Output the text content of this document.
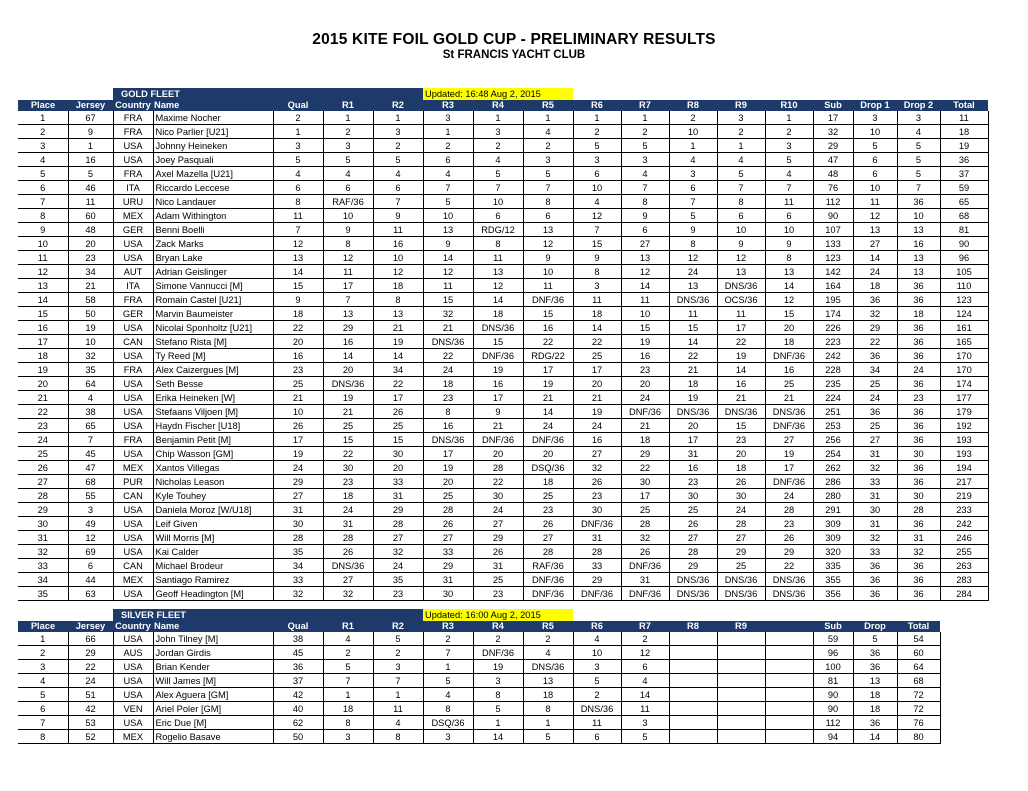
2015 KITE FOIL GOLD CUP - PRELIMINARY RESULTS
St FRANCIS YACHT CLUB
		GOLD FLEET					Updated: 16:48 Aug 2, 2015											
Place	Jersey	Country	Name	Qual	R1	R2	R3	R4	R5	R6	R7	R8	R9	R10	Sub	Drop 1	Drop 2	Total
1	67	FRA	Maxime Nocher	2	1	1	3	1	1	1	1	2	3	1	17	3	3	11
2	9	FRA	Nico Parlier [U21]	1	2	3	1	3	4	2	2	10	2	2	32	10	4	18
3	1	USA	Johnny Heineken	3	3	2	2	2	2	5	5	1	1	3	29	5	5	19
4	16	USA	Joey Pasquali	5	5	5	6	4	3	3	3	4	4	5	47	6	5	36
5	5	FRA	Axel Mazella [U21]	4	4	4	4	5	5	6	4	3	5	4	48	6	5	37
6	46	ITA	Riccardo Leccese	6	6	6	7	7	7	10	7	6	7	7	76	10	7	59
7	11	URU	Nico Landauer	8	RAF/36	7	5	10	8	4	8	7	8	11	112	11	36	65
8	60	MEX	Adam Withington	11	10	9	10	6	6	12	9	5	6	6	90	12	10	68
9	48	GER	Benni Boelli	7	9	11	13	RDG/12	13	7	6	9	10	10	107	13	13	81
10	20	USA	Zack Marks	12	8	16	9	8	12	15	27	8	9	9	133	27	16	90
11	23	USA	Bryan Lake	13	12	10	14	11	9	9	13	12	12	8	123	14	13	96
12	34	AUT	Adrian Geislinger	14	11	12	12	13	10	8	12	24	13	13	142	24	13	105
13	21	ITA	Simone Vannucci [M]	15	17	18	11	12	11	3	14	13	DNS/36	14	164	18	36	110
14	58	FRA	Romain Castel [U21]	9	7	8	15	14	DNF/36	11	11	DNS/36	OCS/36	12	195	36	36	123
15	50	GER	Marvin Baumeister	18	13	13	32	18	15	18	10	11	11	15	174	32	18	124
16	19	USA	Nicolai Sponholtz [U21]	22	29	21	21	DNS/36	16	14	15	15	17	20	226	29	36	161
17	10	CAN	Stefano Rista [M]	20	16	19	DNS/36	15	22	22	19	14	22	18	223	22	36	165
18	32	USA	Ty Reed [M]	16	14	14	22	DNF/36	RDG/22	25	16	22	19	DNF/36	242	36	36	170
19	35	FRA	Alex Caizergues [M]	23	20	34	24	19	17	17	23	21	14	16	228	34	24	170
20	64	USA	Seth Besse	25	DNS/36	22	18	16	19	20	20	18	16	25	235	25	36	174
21	4	USA	Erika Heineken [W]	21	19	17	23	17	21	21	24	19	21	21	224	24	23	177
22	38	USA	Stefaans Viljoen [M]	10	21	26	8	9	14	19	DNF/36	DNS/36	DNS/36	DNS/36	251	36	36	179
23	65	USA	Haydn Fischer [U18]	26	25	25	16	21	24	24	21	20	15	DNF/36	253	25	36	192
24	7	FRA	Benjamin Petit [M]	17	15	15	DNS/36	DNF/36	DNF/36	16	18	17	23	27	256	27	36	193
25	45	USA	Chip Wasson [GM]	19	22	30	17	20	20	27	29	31	20	19	254	31	30	193
26	47	MEX	Xantos Villegas	24	30	20	19	28	DSQ/36	32	22	16	18	17	262	32	36	194
27	68	PUR	Nicholas Leason	29	23	33	20	22	18	26	30	23	26	DNF/36	286	33	36	217
28	55	CAN	Kyle Touhey	27	18	31	25	30	25	23	17	30	30	24	280	31	30	219
29	3	USA	Daniela Moroz [W/U18]	31	24	29	28	24	23	30	25	25	24	28	291	30	28	233
30	49	USA	Leif Given	30	31	28	26	27	26	DNF/36	28	26	28	23	309	31	36	242
31	12	USA	Will Morris [M]	28	28	27	27	29	27	31	32	27	27	26	309	32	31	246
32	69	USA	Kai Calder	35	26	32	33	26	28	28	26	28	29	29	320	33	32	255
33	6	CAN	Michael Brodeur	34	DNS/36	24	29	31	RAF/36	33	DNF/36	29	25	22	335	36	36	263
34	44	MEX	Santiago Ramirez	33	27	35	31	25	DNF/36	29	31	DNS/36	DNS/36	DNS/36	355	36	36	283
35	63	USA	Geoff Headington [M]	32	32	23	30	23	DNF/36	DNF/36	DNF/36	DNS/36	DNS/36	DNS/36	356	36	36	284
		SILVER FLEET					Updated: 16:00 Aug 2, 2015										
Place	Jersey	Country	Name	Qual	R1	R2	R3	R4	R5	R6	R7	R8	R9		Sub	Drop	Total
1	66	USA	John Tilney [M]	38	4	5	2	2	2	4	2				59	5	54
2	29	AUS	Jordan Girdis	45	2	2	7	DNF/36	4	10	12				96	36	60
3	22	USA	Brian Kender	36	5	3	1	19	DNS/36	3	6				100	36	64
4	24	USA	Will James [M]	37	7	7	5	3	13	5	4				81	13	68
5	51	USA	Alex Aguera [GM]	42	1	1	4	8	18	2	14				90	18	72
6	42	VEN	Ariel Poler [GM]	40	18	11	8	5	8	DNS/36	11				90	18	72
7	53	USA	Eric Due [M]	62	8	4	DSQ/36	1	1	11	3				112	36	76
8	52	MEX	Rogelio Basave	50	3	8	3	14	5	6	5				94	14	80
